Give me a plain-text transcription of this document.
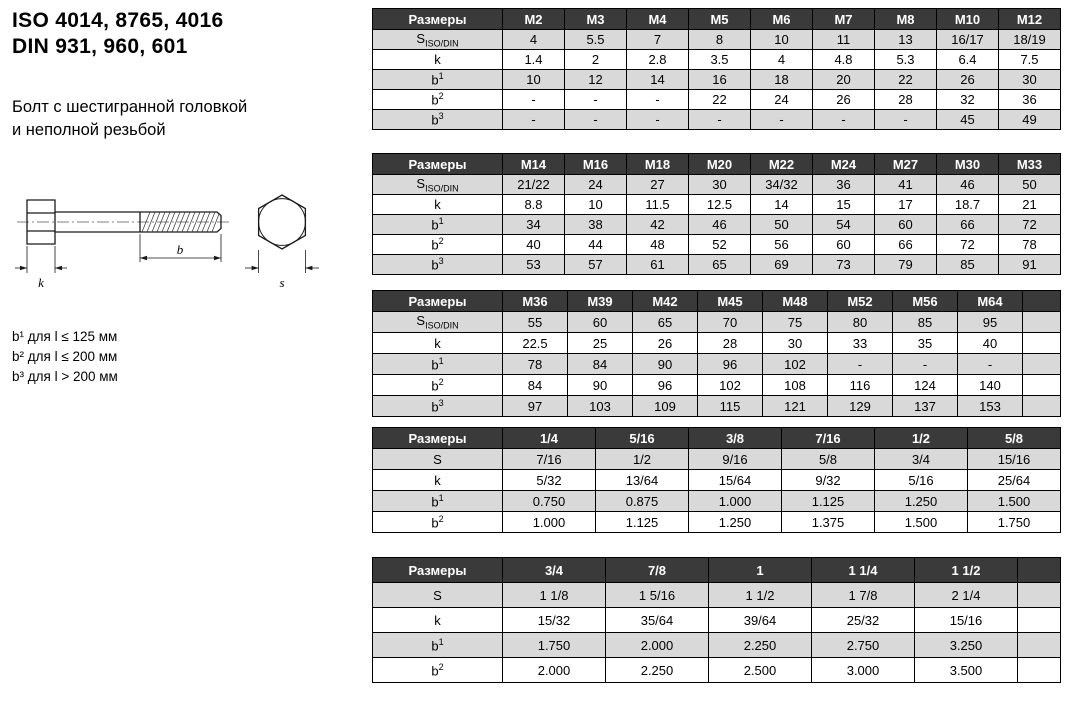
ISO 4014, 8765, 4016
DIN 931, 960, 601
Болт с шестигранной головкой
и неполной резьбой
k
b
s
b¹ для l ≤ 125 мм
b² для l ≤ 200 мм
b³ для l > 200 мм
Размеры	M2	M3	M4	M5	M6	M7	M8	M10	M12
$S_{ISO/DIN}$	4	5.5	7	8	10	11	13	16/17	18/19
k	1.4	2	2.8	3.5	4	4.8	5.3	6.4	7.5
$b^1$	10	12	14	16	18	20	22	26	30
$b^2$	-	-	-	22	24	26	28	32	36
$b^3$	-	-	-	-	-	-	-	45	49
Размеры	M14	M16	M18	M20	M22	M24	M27	M30	M33
$S_{ISO/DIN}$	21/22	24	27	30	34/32	36	41	46	50
k	8.8	10	11.5	12.5	14	15	17	18.7	21
$b^1$	34	38	42	46	50	54	60	66	72
$b^2$	40	44	48	52	56	60	66	72	78
$b^3$	53	57	61	65	69	73	79	85	91
Размеры	M36	M39	M42	M45	M48	M52	M56	M64	
$S_{ISO/DIN}$	55	60	65	70	75	80	85	95	
k	22.5	25	26	28	30	33	35	40	
$b^1$	78	84	90	96	102	-	-	-	
$b^2$	84	90	96	102	108	116	124	140	
$b^3$	97	103	109	115	121	129	137	153	
Размеры	1/4	5/16	3/8	7/16	1/2	5/8
S	7/16	1/2	9/16	5/8	3/4	15/16
k	5/32	13/64	15/64	9/32	5/16	25/64
$b^1$	0.750	0.875	1.000	1.125	1.250	1.500
$b^2$	1.000	1.125	1.250	1.375	1.500	1.750
Размеры	3/4	7/8	1	1 1/4	1 1/2	
S	1 1/8	1 5/16	1 1/2	1 7/8	2 1/4	
k	15/32	35/64	39/64	25/32	15/16	
$b^1$	1.750	2.000	2.250	2.750	3.250	
$b^2$	2.000	2.250	2.500	3.000	3.500	
